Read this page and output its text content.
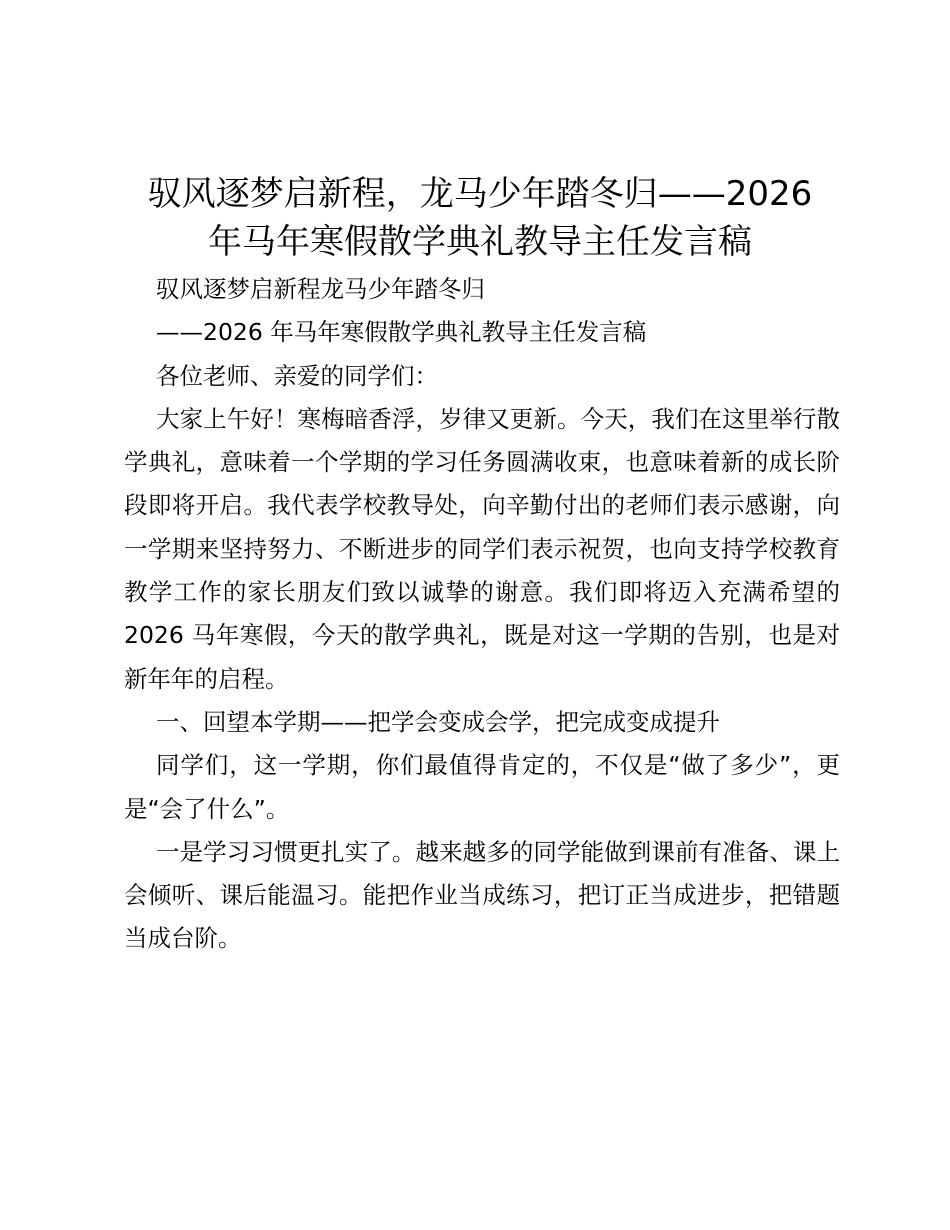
驭风逐梦启新程，龙马少年踏冬归——2026
年马年寒假散学典礼教导主任发言稿

驭风逐梦启新程龙马少年踏冬归

——2026 年马年寒假散学典礼教导主任发言稿

各位老师、亲爱的同学们：

大家上午好！寒梅暗香浮，岁律又更新。今天，我们在这里举行散学典礼，意味着一个学期的学习任务圆满收束，也意味着新的成长阶段即将开启。我代表学校教导处，向辛勤付出的老师们表示感谢，向一学期来坚持努力、不断进步的同学们表示祝贺，也向支持学校教育教学工作的家长朋友们致以诚挚的谢意。我们即将迈入充满希望的 2026 马年寒假，今天的散学典礼，既是对这一学期的告别，也是对新年年的启程。

一、回望本学期——把学会变成会学，把完成变成提升

同学们，这一学期，你们最值得肯定的，不仅是“做了多少”，更是“会了什么”。

一是学习习惯更扎实了。越来越多的同学能做到课前有准备、课上会倾听、课后能温习。能把作业当成练习，把订正当成进步，把错题当成台阶。
